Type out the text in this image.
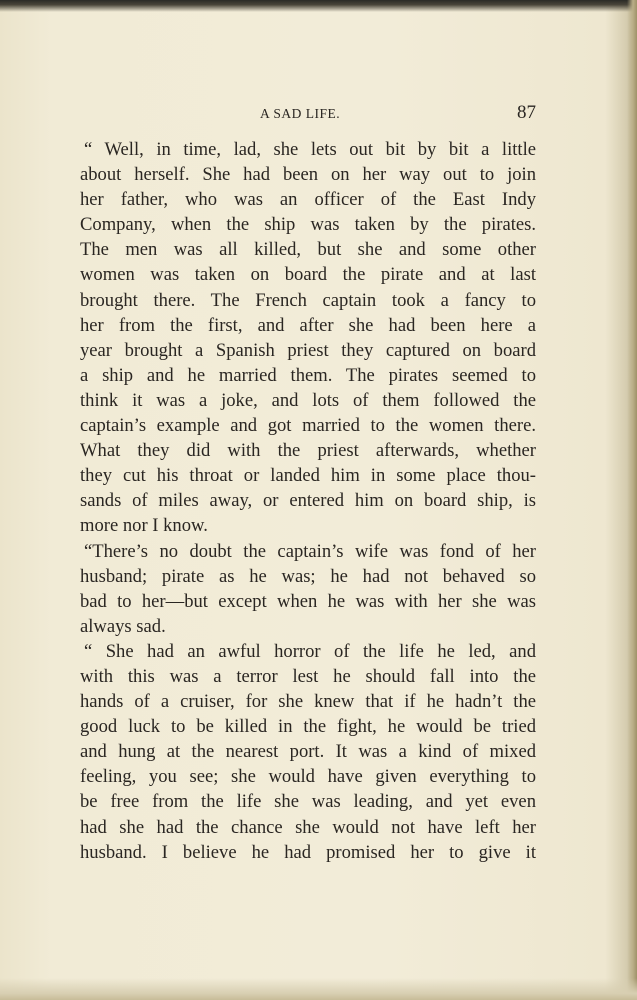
A SAD LIFE.	87
“ Well, in time, lad, she lets out bit by bit a little
about herself. She had been on her way out to join
her father, who was an officer of the East Indy
Company, when the ship was taken by the pirates.
The men was all killed, but she and some other
women was taken on board the pirate and at last
brought there. The French captain took a fancy to
her from the first, and after she had been here a
year brought a Spanish priest they captured on board
a ship and he married them. The pirates seemed to
think it was a joke, and lots of them followed the
captain’s example and got married to the women there.
What they did with the priest afterwards, whether
they cut his throat or landed him in some place thou-
sands of miles away, or entered him on board ship, is
more nor I know.
“There’s no doubt the captain’s wife was fond of her
husband; pirate as he was; he had not behaved so
bad to her—but except when he was with her she was
always sad.
“ She had an awful horror of the life he led, and
with this was a terror lest he should fall into the
hands of a cruiser, for she knew that if he hadn’t the
good luck to be killed in the fight, he would be tried
and hung at the nearest port. It was a kind of mixed
feeling, you see; she would have given everything to
be free from the life she was leading, and yet even
had she had the chance she would not have left her
husband. I believe he had promised her to give it
